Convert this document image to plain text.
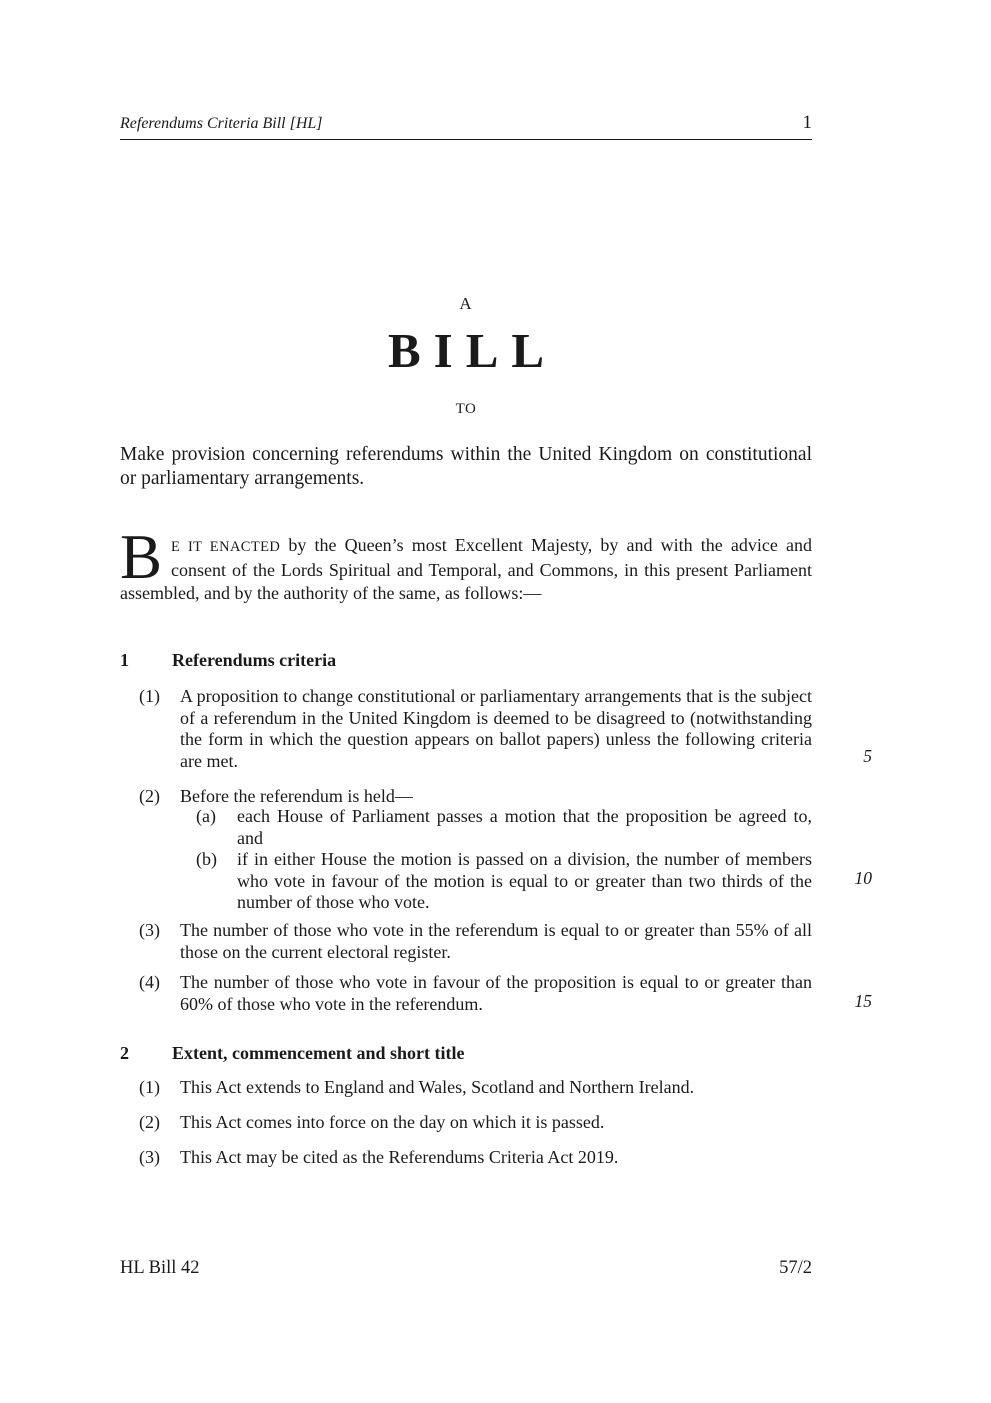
Referendums Criteria Bill [HL]	1
A
BILL
TO
Make provision concerning referendums within the United Kingdom on constitutional or parliamentary arrangements.
B E IT ENACTED by the Queen’s most Excellent Majesty, by and with the advice and consent of the Lords Spiritual and Temporal, and Commons, in this present Parliament assembled, and by the authority of the same, as follows:—
1 Referendums criteria
(1) A proposition to change constitutional or parliamentary arrangements that is the subject of a referendum in the United Kingdom is deemed to be disagreed to (notwithstanding the form in which the question appears on ballot papers) unless the following criteria are met.
(2) Before the referendum is held—
(a) each House of Parliament passes a motion that the proposition be agreed to, and
(b) if in either House the motion is passed on a division, the number of members who vote in favour of the motion is equal to or greater than two thirds of the number of those who vote.
(3) The number of those who vote in the referendum is equal to or greater than 55% of all those on the current electoral register.
(4) The number of those who vote in favour of the proposition is equal to or greater than 60% of those who vote in the referendum.
2 Extent, commencement and short title
(1) This Act extends to England and Wales, Scotland and Northern Ireland.
(2) This Act comes into force on the day on which it is passed.
(3) This Act may be cited as the Referendums Criteria Act 2019.
5
10
15
HL Bill 42	57/2
